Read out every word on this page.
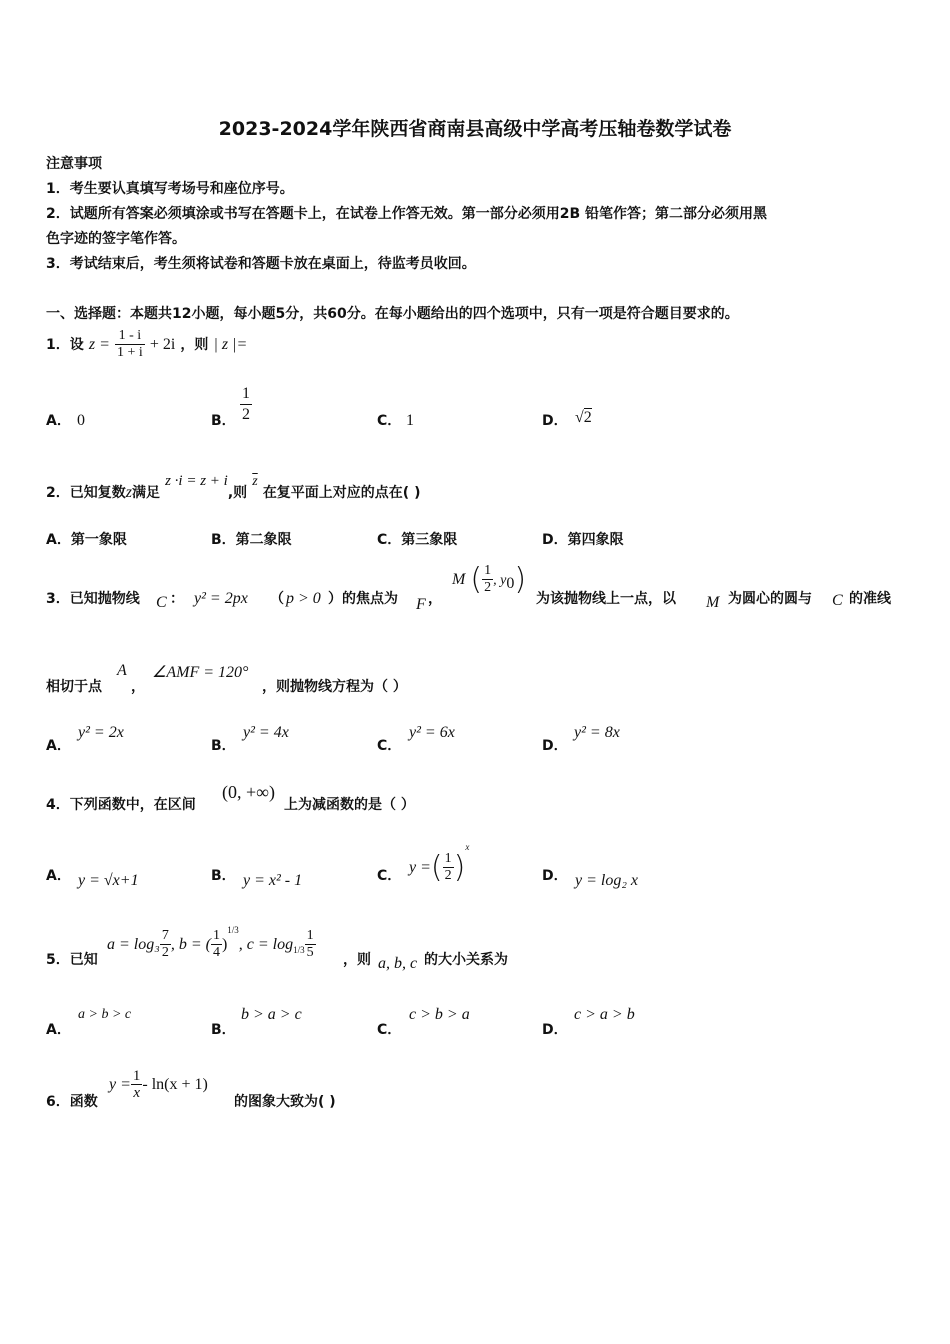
2023-2024学年陕西省商南县高级中学高考压轴卷数学试卷
注意事项
1．考生要认真填写考场号和座位序号。
2．试题所有答案必须填涂或书写在答题卡上，在试卷上作答无效。第一部分必须用2B 铅笔作答；第二部分必须用黑
色字迹的签字笔作答。
3．考试结束后，考生须将试卷和答题卡放在桌面上，待监考员收回。
一、选择题：本题共12小题，每小题5分，共60分。在每小题给出的四个选项中，只有一项是符合题目要求的。
1．设 $z = \frac{1 - i}{1 + i} + 2i$ ，则 | z |=
A． 0	B． $\frac{1}{2}$	C． 1	D． √2
2．已知复数z满足 z ·i = z + i,则 $\overline{z}$ 在复平面上对应的点在( )
A．第一象限	B．第二象限	C．第三象限	D．第四象限
3．已知抛物线 C ： y² = 2px （ p > 0 ）的焦点为 F ，
M ( $\frac{1}{2}$ , $y_0$)
为该抛物线上一点，以 M 为圆心的圆与 C 的准线
相切于点
A
，
∠AMF = 120°
，则抛物线方程为（ ）
A．
y² = 2x
B．
y² = 4x
C．
y² = 6x
D．
y² = 8x
4．下列函数中，在区间
(0, +∞)
上为减函数的是（ ）
A． y = √x+1	B． y = x² - 1	C． y =( $\frac{1}{2} )^x$
D． y = log₂ x
5．已知
$a = \log_3 \frac{7}{2}$ , b = ( $\frac{1}{4} )^{1/3}$, $c = \log_{1/3} \frac{1}{5}$ ，则 a, b, c 的大小关系为
A．
a > b > c
B．
b > a > c
C．
c > b > a
D．
c > a > b
6．函数
$y = \frac{1}{x} - \ln(x + 1)$
的图象大致为( )
